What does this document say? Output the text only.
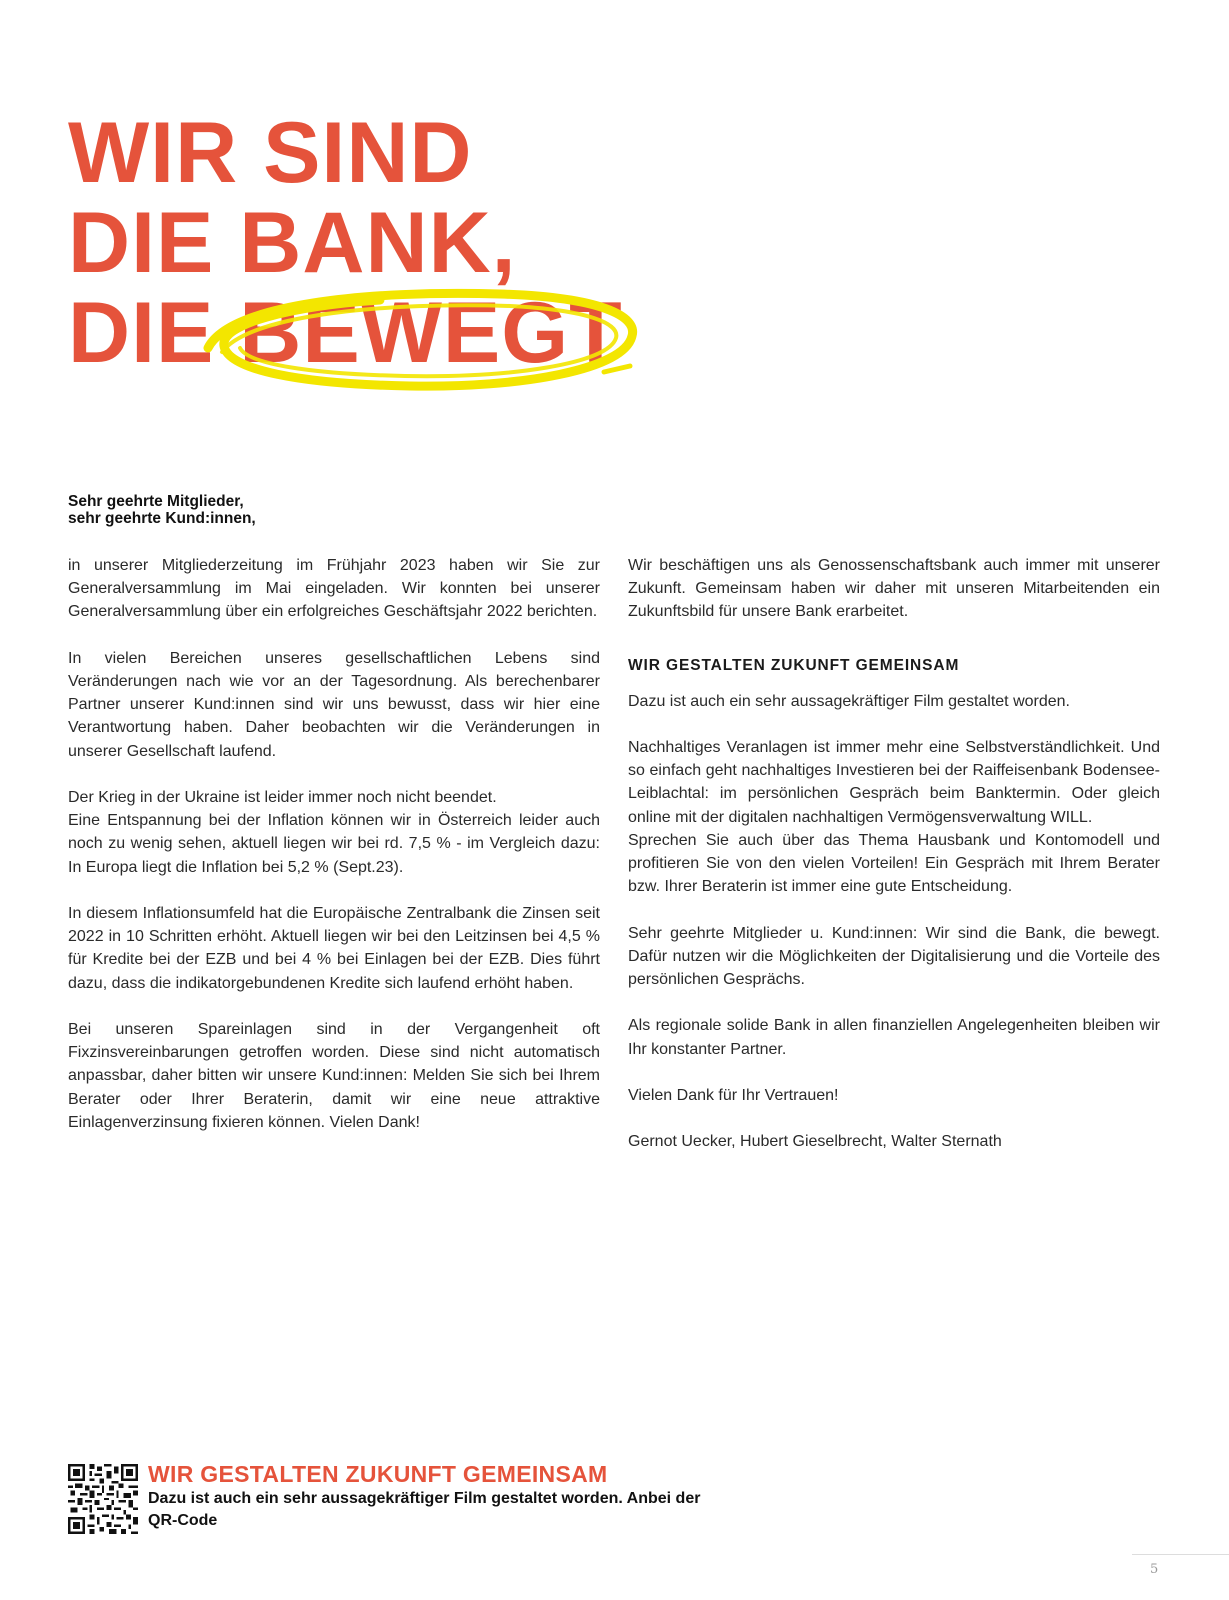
WIR SIND
DIE BANK,
DIE BEWEGT
Sehr geehrte Mitglieder,
sehr geehrte Kund:innen,

in unserer Mitgliederzeitung im Frühjahr 2023 haben wir Sie zur Generalversammlung im Mai eingeladen. Wir konnten bei unserer Generalversammlung über ein erfolgreiches Geschäftsjahr 2022 berichten.

In vielen Bereichen unseres gesellschaftlichen Lebens sind Veränderungen nach wie vor an der Tagesordnung. Als berechenbarer Partner unserer Kund:innen sind wir uns bewusst, dass wir hier eine Verantwortung haben. Daher beobachten wir die Veränderungen in unserer Gesellschaft laufend.

Der Krieg in der Ukraine ist leider immer noch nicht beendet.

Eine Entspannung bei der Inflation können wir in Österreich leider auch noch zu wenig sehen, aktuell liegen wir bei rd. 7,5 % - im Vergleich dazu: In Europa liegt die Inflation bei 5,2 % (Sept.23).

In diesem Inflationsumfeld hat die Europäische Zentralbank die Zinsen seit 2022 in 10 Schritten erhöht. Aktuell liegen wir bei den Leitzinsen bei 4,5 % für Kredite bei der EZB und bei 4 % bei Einlagen bei der EZB. Dies führt dazu, dass die indikatorgebundenen Kredite sich laufend erhöht haben.

Bei unseren Spareinlagen sind in der Vergangenheit oft Fixzinsvereinbarungen getroffen worden. Diese sind nicht automatisch anpassbar, daher bitten wir unsere Kund:innen: Melden Sie sich bei Ihrem Berater oder Ihrer Beraterin, damit wir eine neue attraktive Einlagenverzinsung fixieren können. Vielen Dank!

Wir beschäftigen uns als Genossenschaftsbank auch immer mit unserer Zukunft. Gemeinsam haben wir daher mit unseren Mitarbeitenden ein Zukunftsbild für unsere Bank erarbeitet.

WIR GESTALTEN ZUKUNFT GEMEINSAM

Dazu ist auch ein sehr aussagekräftiger Film gestaltet worden.

Nachhaltiges Veranlagen ist immer mehr eine Selbstverständlichkeit. Und so einfach geht nachhaltiges Investieren bei der Raiffeisenbank Bodensee-Leiblachtal: im persönlichen Gespräch beim Banktermin. Oder gleich online mit der digitalen nachhaltigen Vermögensverwaltung WILL.

Sprechen Sie auch über das Thema Hausbank und Kontomodell und profitieren Sie von den vielen Vorteilen! Ein Gespräch mit Ihrem Berater bzw. Ihrer Beraterin ist immer eine gute Entscheidung.

Sehr geehrte Mitglieder u. Kund:innen: Wir sind die Bank, die bewegt. Dafür nutzen wir die Möglichkeiten der Digitalisierung und die Vorteile des persönlichen Gesprächs.

Als regionale solide Bank in allen finanziellen Angelegenheiten bleiben wir Ihr konstanter Partner.

Vielen Dank für Ihr Vertrauen!

Gernot Uecker, Hubert Gieselbrecht, Walter Sternath

WIR GESTALTEN ZUKUNFT GEMEINSAM
Dazu ist auch ein sehr aussagekräftiger Film gestaltet worden. Anbei der QR-Code
5
